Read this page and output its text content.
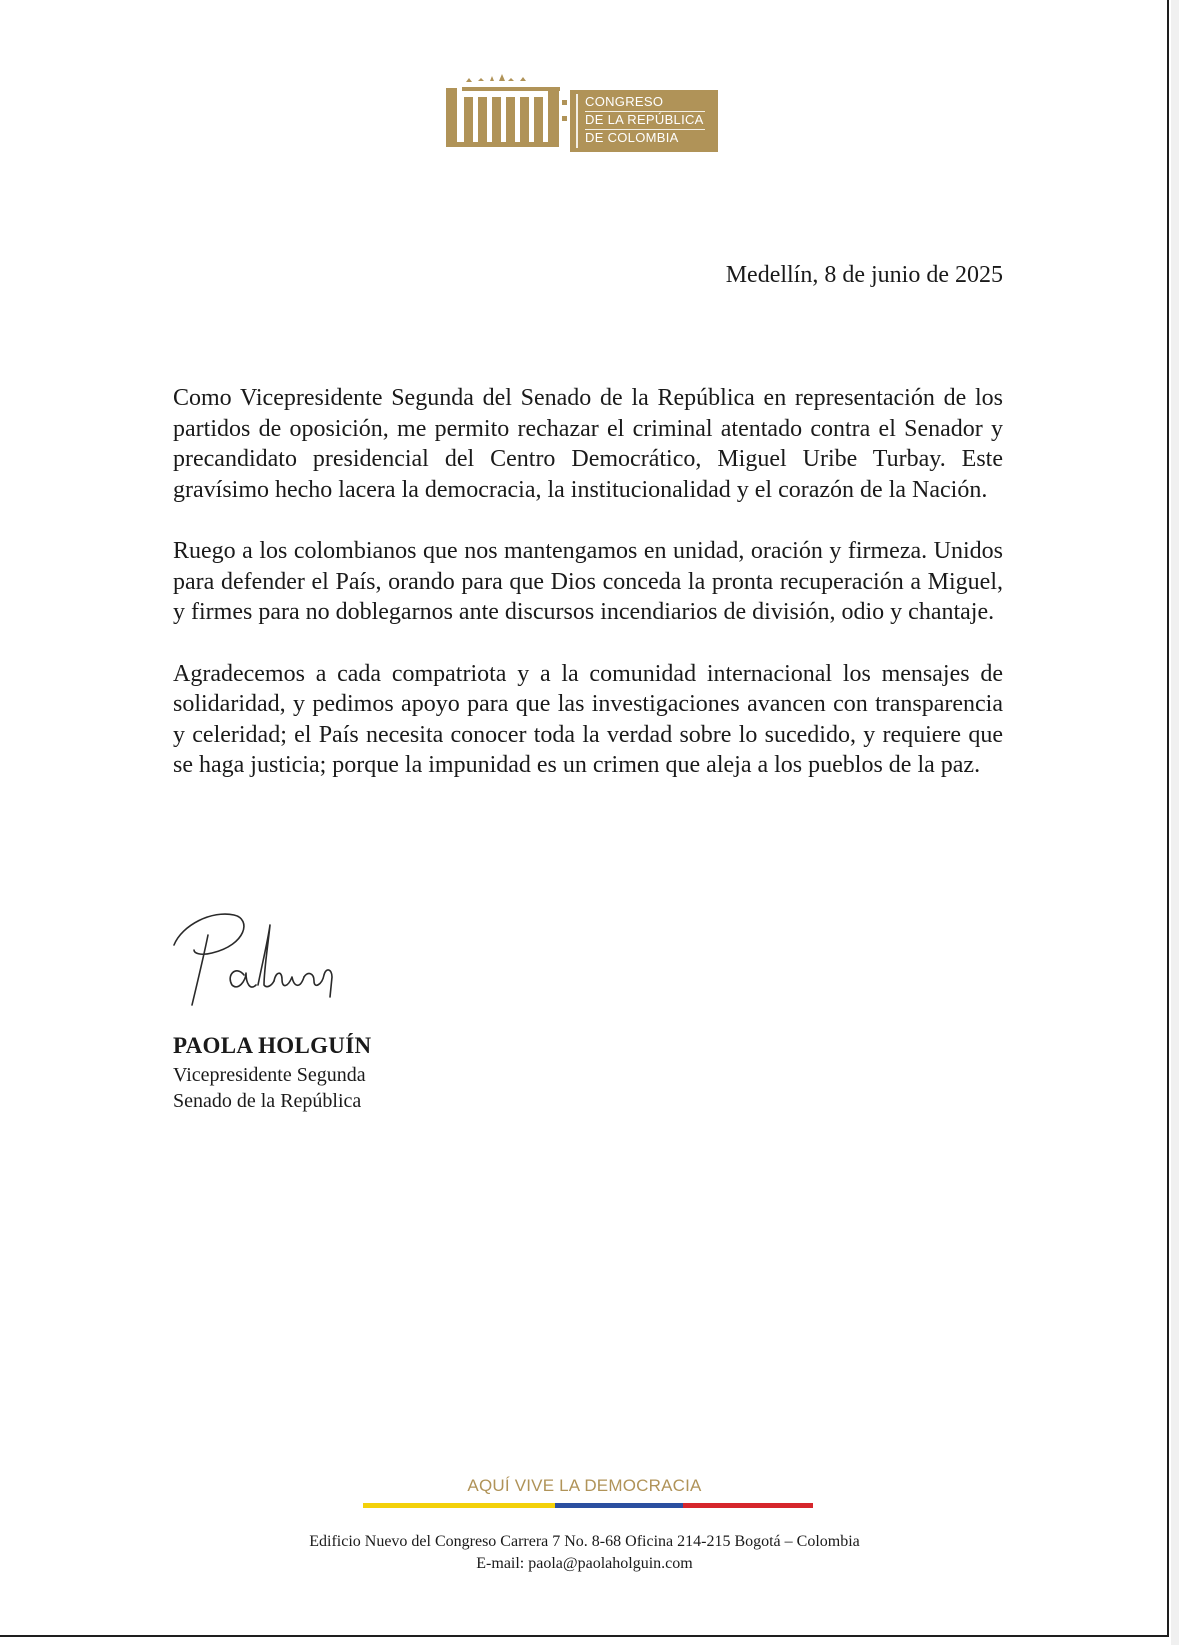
CONGRESO
DE LA REPÚBLICA
DE COLOMBIA
Medellín, 8 de junio de 2025

Como Vicepresidente Segunda del Senado de la República en representación de los partidos de oposición, me permito rechazar el criminal atentado contra el Senador y precandidato presidencial del Centro Democrático, Miguel Uribe Turbay. Este gravísimo hecho lacera la democracia, la institucionalidad y el corazón de la Nación.

Ruego a los colombianos que nos mantengamos en unidad, oración y firmeza. Unidos para defender el País, orando para que Dios conceda la pronta recuperación a Miguel, y firmes para no doblegarnos ante discursos incendiarios de división, odio y chantaje.

Agradecemos a cada compatriota y a la comunidad internacional los mensajes de solidaridad, y pedimos apoyo para que las investigaciones avancen con transparencia y celeridad; el País necesita conocer toda la verdad sobre lo sucedido, y requiere que se haga justicia; porque la impunidad es un crimen que aleja a los pueblos de la paz.

PAOLA HOLGUÍN
Vicepresidente Segunda
Senado de la República
AQUÍ VIVE LA DEMOCRACIA
Edificio Nuevo del Congreso Carrera 7 No. 8-68 Oficina 214-215 Bogotá – Colombia
E-mail: paola@paolaholguin.com
